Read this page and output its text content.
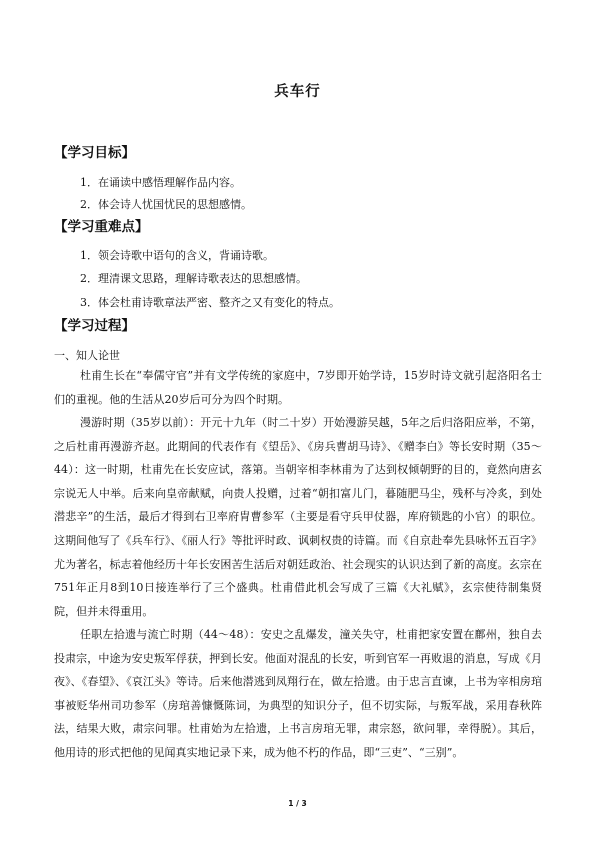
兵车行
【学习目标】
1．在诵读中感悟理解作品内容。
2．体会诗人忧国忧民的思想感情。
【学习重难点】
1．领会诗歌中语句的含义，背诵诗歌。
2．理清课文思路，理解诗歌表达的思想感情。
3．体会杜甫诗歌章法严密、整齐之又有变化的特点。
【学习过程】
一、知人论世
杜甫生长在“奉儒守官”并有文学传统的家庭中，7岁即开始学诗，15岁时诗文就引起洛阳名士们的重视。他的生活从20岁后可分为四个时期。
漫游时期（35岁以前）：开元十九年（时二十岁）开始漫游吴越，5年之后归洛阳应举，不第，之后杜甫再漫游齐赵。此期间的代表作有《望岳》、《房兵曹胡马诗》、《赠李白》等长安时期（35～44）：这一时期，杜甫先在长安应试，落第。当朝宰相李林甫为了达到权倾朝野的目的，竟然向唐玄宗说无人中举。后来向皇帝献赋，向贵人投赠，过着“朝扣富儿门，暮随肥马尘，残杯与冷炙，到处潜悲辛”的生活，最后才得到右卫率府胄曹参军（主要是看守兵甲仗器，库府锁匙的小官）的职位。这期间他写了《兵车行》、《丽人行》等批评时政、讽刺权贵的诗篇。而《自京赴奉先县咏怀五百字》尤为著名，标志着他经历十年长安困苦生活后对朝廷政治、社会现实的认识达到了新的高度。玄宗在751年正月8到10日接连举行了三个盛典。杜甫借此机会写成了三篇《大礼赋》，玄宗使待制集贤院，但并未得重用。
任职左拾遗与流亡时期（44～48）：安史之乱爆发，潼关失守，杜甫把家安置在鄜州，独自去投肃宗，中途为安史叛军俘获，押到长安。他面对混乱的长安，听到官军一再败退的消息，写成《月夜》、《春望》、《哀江头》等诗。后来他潜逃到凤翔行在，做左拾遗。由于忠言直谏，上书为宰相房琯事被贬华州司功参军（房琯善慷慨陈词，为典型的知识分子，但不切实际，与叛军战，采用春秋阵法，结果大败，肃宗问罪。杜甫始为左拾遗，上书言房琯无罪，肃宗怒，欲问罪，幸得脱）。其后，他用诗的形式把他的见闻真实地记录下来，成为他不朽的作品，即“三吏”、“三别”。
1 / 3
